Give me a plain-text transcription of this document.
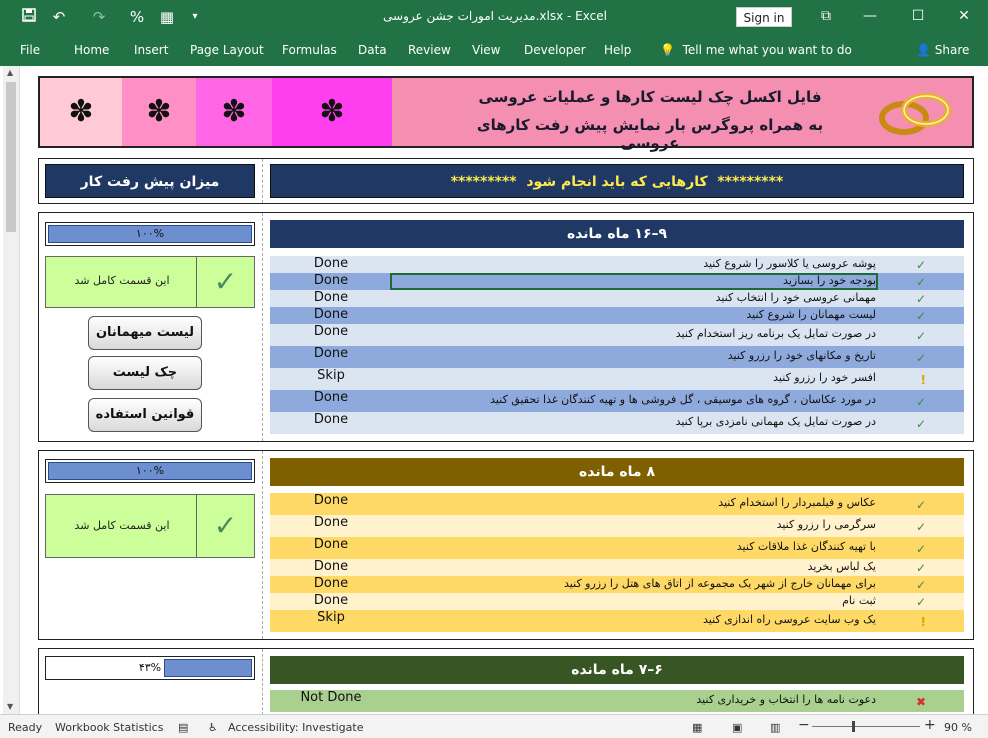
↶	↷	% ▦	▾	مدیریت امورات جشن عروسی.xlsx - Excel	Sign in	⧉	—	☐	✕
File	Home Insert Page Layout Formulas Data Review View Developer Help 💡  Tell me what you want to do	👤 Share
▲
▼
✽	✽	✽	✽	فایل اکسل چک لیست کارها و عملیات عروسی
به همراه پروگرس بار نمایش پیش رفت کارهای عروسی
میزان پیش رفت کار	*********  کارهایی که باید انجام شود  *********
۱۰۰%
این قسمت کامل شد	✓
لیست میهمانان
چک لیست
قوانین استفاده
۹–۱۶ ماه مانده
Done	پوشه عروسی یا کلاسور را شروع کنید	✓
Done	بودجه خود را بسازید	✓
Done	مهمانی عروسی خود را انتخاب کنید	✓
Done	لیست مهمانان را شروع کنید	✓
Done	در صورت تمایل یک برنامه ریز استخدام کنید	✓
Done	تاریخ و مکانهای خود را رزرو کنید	✓
Skip	افسر خود را رزرو کنید	!
Done	در مورد عکاسان ، گروه های موسیقی ، گل فروشی ها و تهیه کنندگان غذا تحقیق کنید	✓
Done	در صورت تمایل یک مهمانی نامزدی برپا کنید	✓
۱۰۰%
این قسمت کامل شد	✓
۸ ماه مانده
Done	عکاس و فیلمبردار را استخدام کنید	✓
Done	سرگرمی را رزرو کنید	✓
Done	با تهیه کنندگان غذا ملاقات کنید	✓
Done	یک لباس بخرید	✓
Done	برای مهمانان خارج از شهر یک مجموعه از اتاق های هتل را رزرو کنید	✓
Done	ثبت نام	✓
Skip	یک وب سایت عروسی راه اندازی کنید	!
۴۳%	۶–۷ ماه مانده
Not Done	دعوت نامه ها را انتخاب و خریداری کنید	✖
Ready Workbook Statistics ▤ ♿ Accessibility: Investigate	▦	▣	▥ −	+ 90 %
